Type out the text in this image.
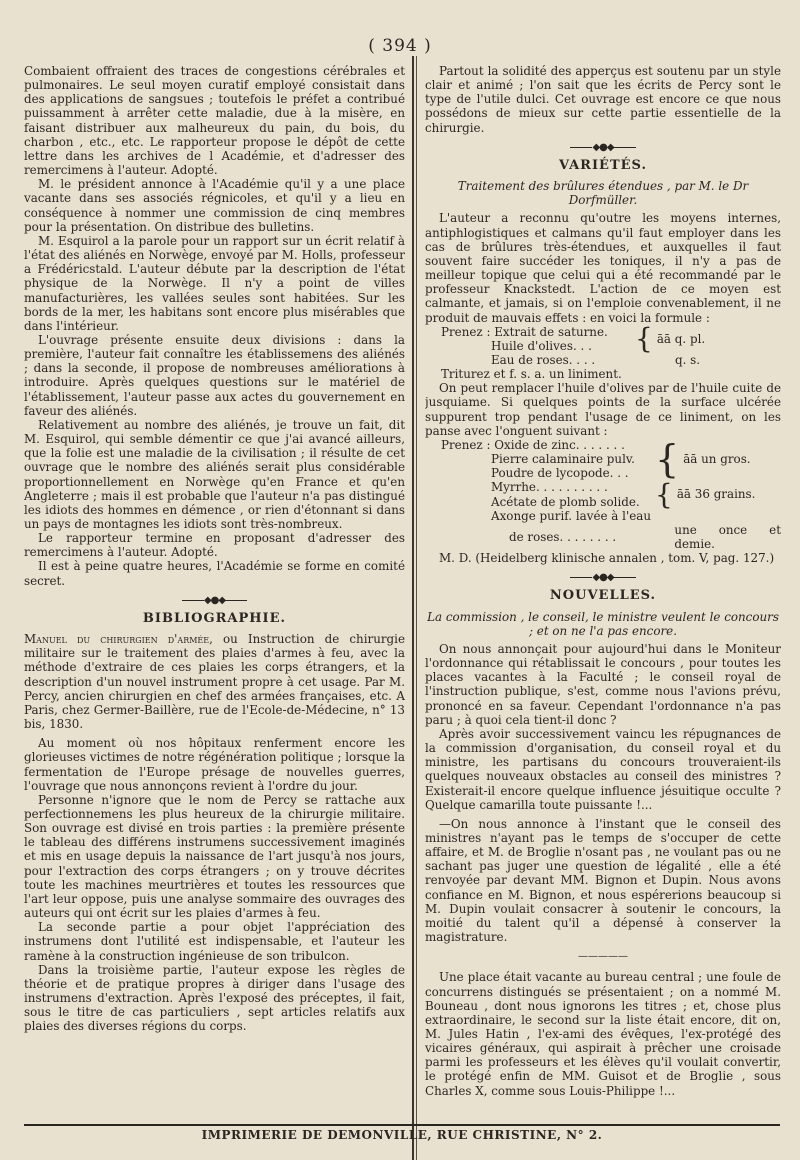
( 394 )

Combaient offraient des traces de congestions cérébrales et pulmonaires. Le seul moyen curatif employé consistait dans des applications de sangsues ; toutefois le préfet a contribué puissamment à arrêter cette maladie, due à la misère, en faisant distribuer aux malheureux du pain, du bois, du charbon , etc., etc. Le rapporteur propose le dépôt de cette lettre dans les archives de l Académie, et d'adresser des remercimens à l'auteur. Adopté.

M. le président annonce à l'Académie qu'il y a une place vacante dans ses associés régnicoles, et qu'il y a lieu en conséquence à nommer une commission de cinq membres pour la présentation. On distribue des bulletins.

M. Esquirol a la parole pour un rapport sur un écrit relatif à l'état des aliénés en Norwège, envoyé par M. Holls, professeur a Frédéricstald. L'auteur débute par la description de l'état physique de la Norwège. Il n'y a point de villes manufacturières, les vallées seules sont habitées. Sur les bords de la mer, les habitans sont encore plus misérables que dans l'intérieur.

L'ouvrage présente ensuite deux divisions : dans la première, l'auteur fait connaître les établissemens des aliénés ; dans la seconde, il propose de nombreuses améliorations à introduire. Après quelques questions sur le matériel de l'établissement, l'auteur passe aux actes du gouvernement en faveur des aliénés.

Relativement au nombre des aliénés, je trouve un fait, dit M. Esquirol, qui semble démentir ce que j'ai avancé ailleurs, que la folie est une maladie de la civilisation ; il résulte de cet ouvrage que le nombre des aliénés serait plus considérable proportionnellement en Norwège qu'en France et qu'en Angleterre ; mais il est probable que l'auteur n'a pas distingué les idiots des hommes en démence , or rien d'étonnant si dans un pays de montagnes les idiots sont très-nombreux.

Le rapporteur termine en proposant d'adresser des remercimens à l'auteur. Adopté.

Il est à peine quatre heures, l'Académie se forme en comité secret.

◆●◆
BIBLIOGRAPHIE.

Manuel du chirurgien d'armée, ou Instruction de chirurgie militaire sur le traitement des plaies d'armes à feu, avec la méthode d'extraire de ces plaies les corps étrangers, et la description d'un nouvel instrument propre à cet usage. Par M. Percy, ancien chirurgien en chef des armées françaises, etc. A Paris, chez Germer-Baillère, rue de l'Ecole-de-Médecine, n° 13 bis, 1830.

Au moment où nos hôpitaux renferment encore les glorieuses victimes de notre régénération politique ; lorsque la fermentation de l'Europe présage de nouvelles guerres, l'ouvrage que nous annonçons revient à l'ordre du jour.

Personne n'ignore que le nom de Percy se rattache aux perfectionnemens les plus heureux de la chirurgie militaire. Son ouvrage est divisé en trois parties : la première présente le tableau des différens instrumens successivement imaginés et mis en usage depuis la naissance de l'art jusqu'à nos jours, pour l'extraction des corps étrangers ; on y trouve décrites toute les machines meurtrières et toutes les ressources que l'art leur oppose, puis une analyse sommaire des ouvrages des auteurs qui ont écrit sur les plaies d'armes à feu.

La seconde partie a pour objet l'appréciation des instrumens dont l'utilité est indispensable, et l'auteur les ramène à la construction ingénieuse de son tribulcon.

Dans la troisième partie, l'auteur expose les règles de théorie et de pratique propres à diriger dans l'usage des instrumens d'extraction. Après l'exposé des préceptes, il fait, sous le titre de cas particuliers , sept articles relatifs aux plaies des diverses régions du corps.

Partout la solidité des apperçus est soutenu par un style clair et animé ; l'on sait que les écrits de Percy sont le type de l'utile dulci. Cet ouvrage est encore ce que nous possédons de mieux sur cette partie essentielle de la chirurgie.

◆●◆
VARIÉTÉS.
Traitement des brûlures étendues , par M. le Dr Dorfmüller.

L'auteur a reconnu qu'outre les moyens internes, antiphlogistiques et calmans qu'il faut employer dans les cas de brûlures très-étendues, et auxquelles il faut souvent faire succéder les toniques, il n'y a pas de meilleur topique que celui qui a été recommandé par le professeur Knackstedt. L'action de ce moyen est calmante, et jamais, si on l'emploie convenablement, il ne produit de mauvais effets : en voici la formule :

Prenez : Extrait de saturne.
Huile d'olives. . .	{ āā q. pl.
Eau de roses. . . .	q. s.
Triturez et f. s. a. un liniment.

On peut remplacer l'huile d'olives par de l'huile cuite de jusquiame. Si quelques points de la surface ulcérée suppurent trop pendant l'usage de ce liniment, on les panse avec l'onguent suivant :

Prenez : Oxide de zinc. . . . . . .
Pierre calaminaire pulv.
Poudre de lycopode. . . { āā un gros.
Myrrhe. . . . . . . . . .
Acétate de plomb solide. { āā 36 grains.
Axonge purif. lavée à l'eau
de roses. . . . . . . .
une once et demie.

M. D. (Heidelberg klinische annalen , tom. V, pag. 127.)

◆●◆
NOUVELLES.
La commission , le conseil, le ministre veulent le concours ; et on ne l'a pas encore.

On nous annonçait pour aujourd'hui dans le Moniteur l'ordonnance qui rétablissait le concours , pour toutes les places vacantes à la Faculté ; le conseil royal de l'instruction publique, s'est, comme nous l'avions prévu, prononcé en sa faveur. Cependant l'ordonnance n'a pas paru ; à quoi cela tient-il donc ?

Après avoir successivement vaincu les répugnances de la commission d'organisation, du conseil royal et du ministre, les partisans du concours trouveraient-ils quelques nouveaux obstacles au conseil des ministres ? Existerait-il encore quelque influence jésuitique occulte ? Quelque camarilla toute puissante !...

—On nous annonce à l'instant que le conseil des ministres n'ayant pas le temps de s'occuper de cette affaire, et M. de Broglie n'osant pas , ne voulant pas ou ne sachant pas juger une question de légalité , elle a été renvoyée par devant MM. Bignon et Dupin. Nous avons confiance en M. Bignon, et nous espérerions beaucoup si M. Dupin voulait consacrer à soutenir le concours, la moitié du talent qu'il a dépensé à conserver la magistrature.

—————

Une place était vacante au bureau central ; une foule de concurrens distingués se présentaient ; on a nommé M. Bouneau , dont nous ignorons les titres ; et, chose plus extraordinaire, le second sur la liste était encore, dit on, M. Jules Hatin , l'ex-ami des évêques, l'ex-protégé des vicaires généraux, qui aspirait à prêcher une croisade parmi les professeurs et les élèves qu'il voulait convertir, le protégé enfin de MM. Guisot et de Broglie , sous Charles X, comme sous Louis-Philippe !...

IMPRIMERIE DE DEMONVILLE, RUE CHRISTINE, N° 2.
